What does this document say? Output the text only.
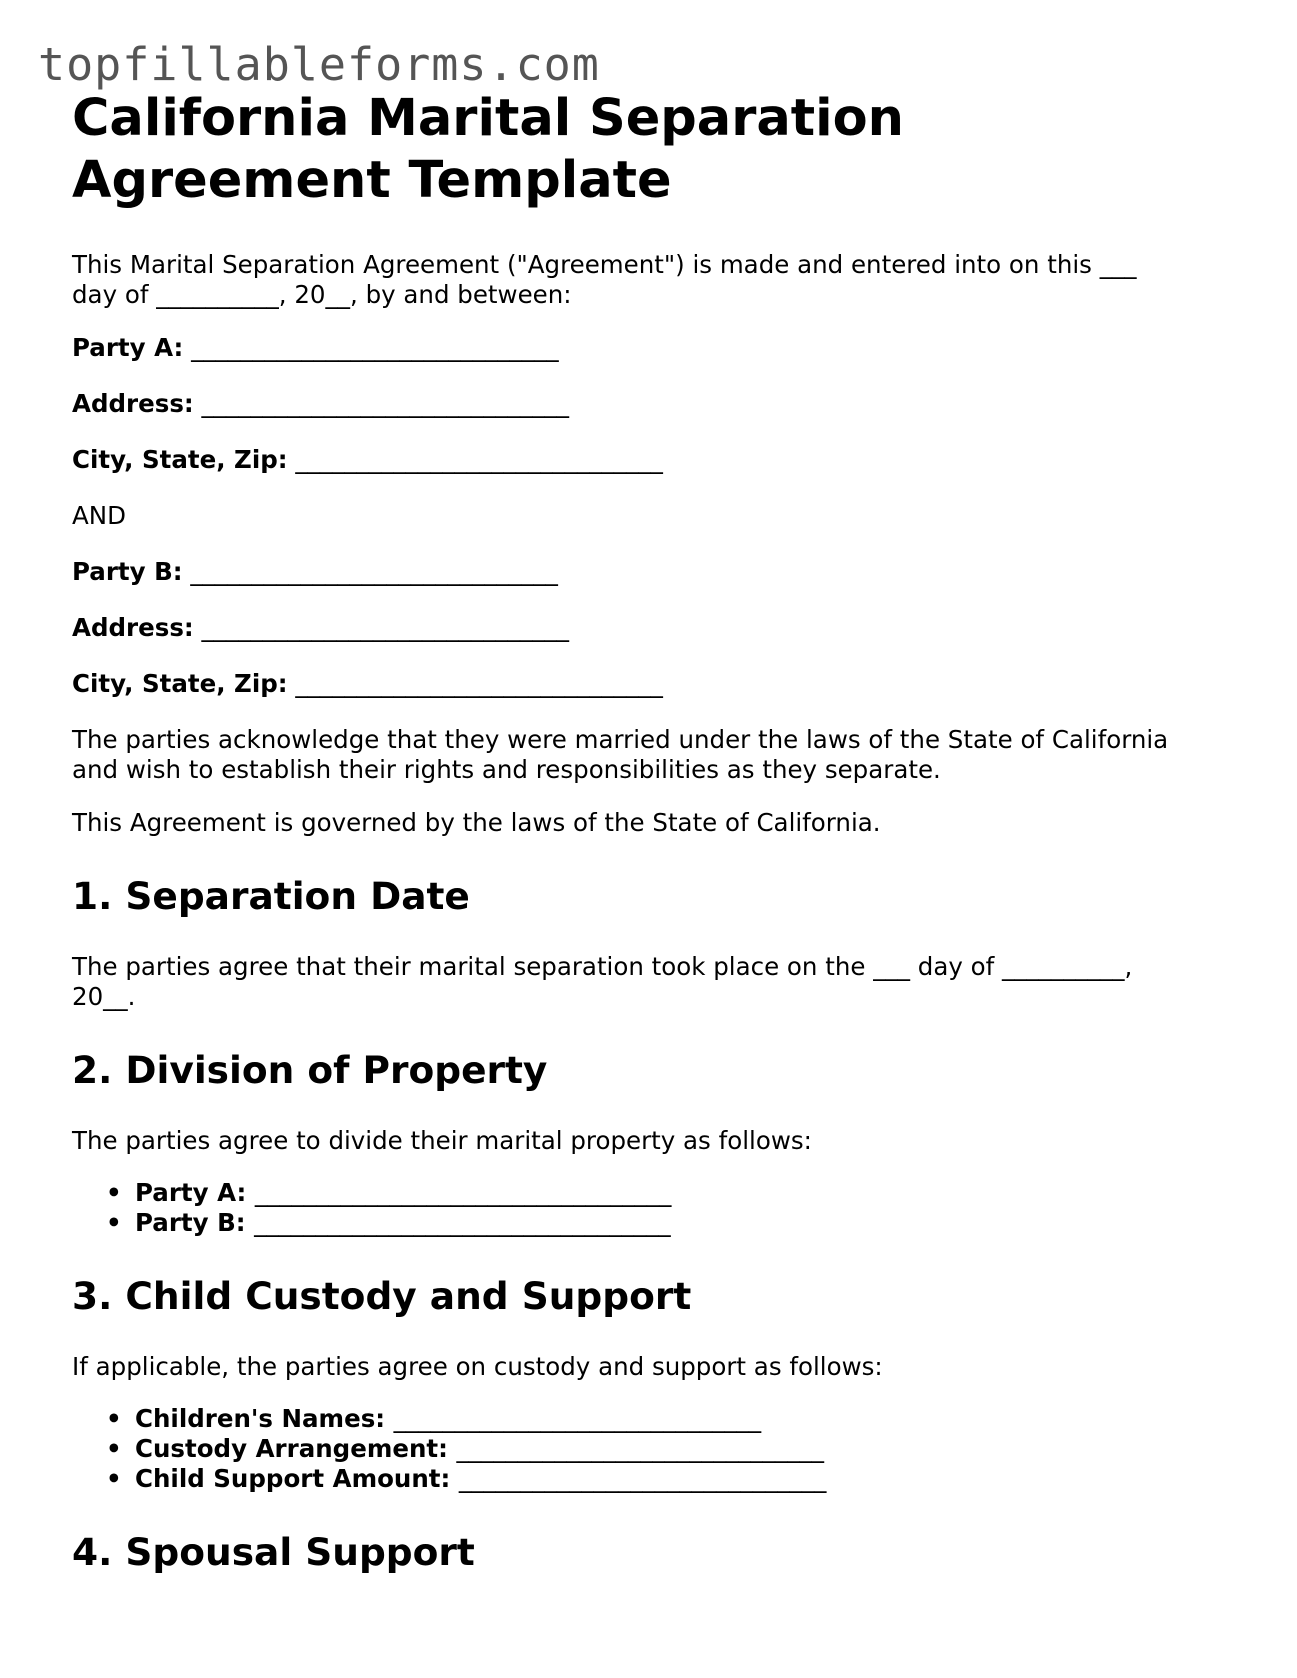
topfillableforms.com
California Marital Separation
Agreement Template

This Marital Separation Agreement ("Agreement") is made and entered into on this ___
day of __________, 20__, by and between:

Party A: ______________________________

Address: ______________________________

City, State, Zip: ______________________________

AND

Party B: ______________________________

Address: ______________________________

City, State, Zip: ______________________________

The parties acknowledge that they were married under the laws of the State of California
and wish to establish their rights and responsibilities as they separate.

This Agreement is governed by the laws of the State of California.

1. Separation Date

The parties agree that their marital separation took place on the ___ day of __________,
20__.

2. Division of Property

The parties agree to divide their marital property as follows:

• Party A: __________________________________
• Party B: __________________________________
3. Child Custody and Support

If applicable, the parties agree on custody and support as follows:

• Children's Names: ______________________________
• Custody Arrangement: ______________________________
• Child Support Amount: ______________________________
4. Spousal Support
